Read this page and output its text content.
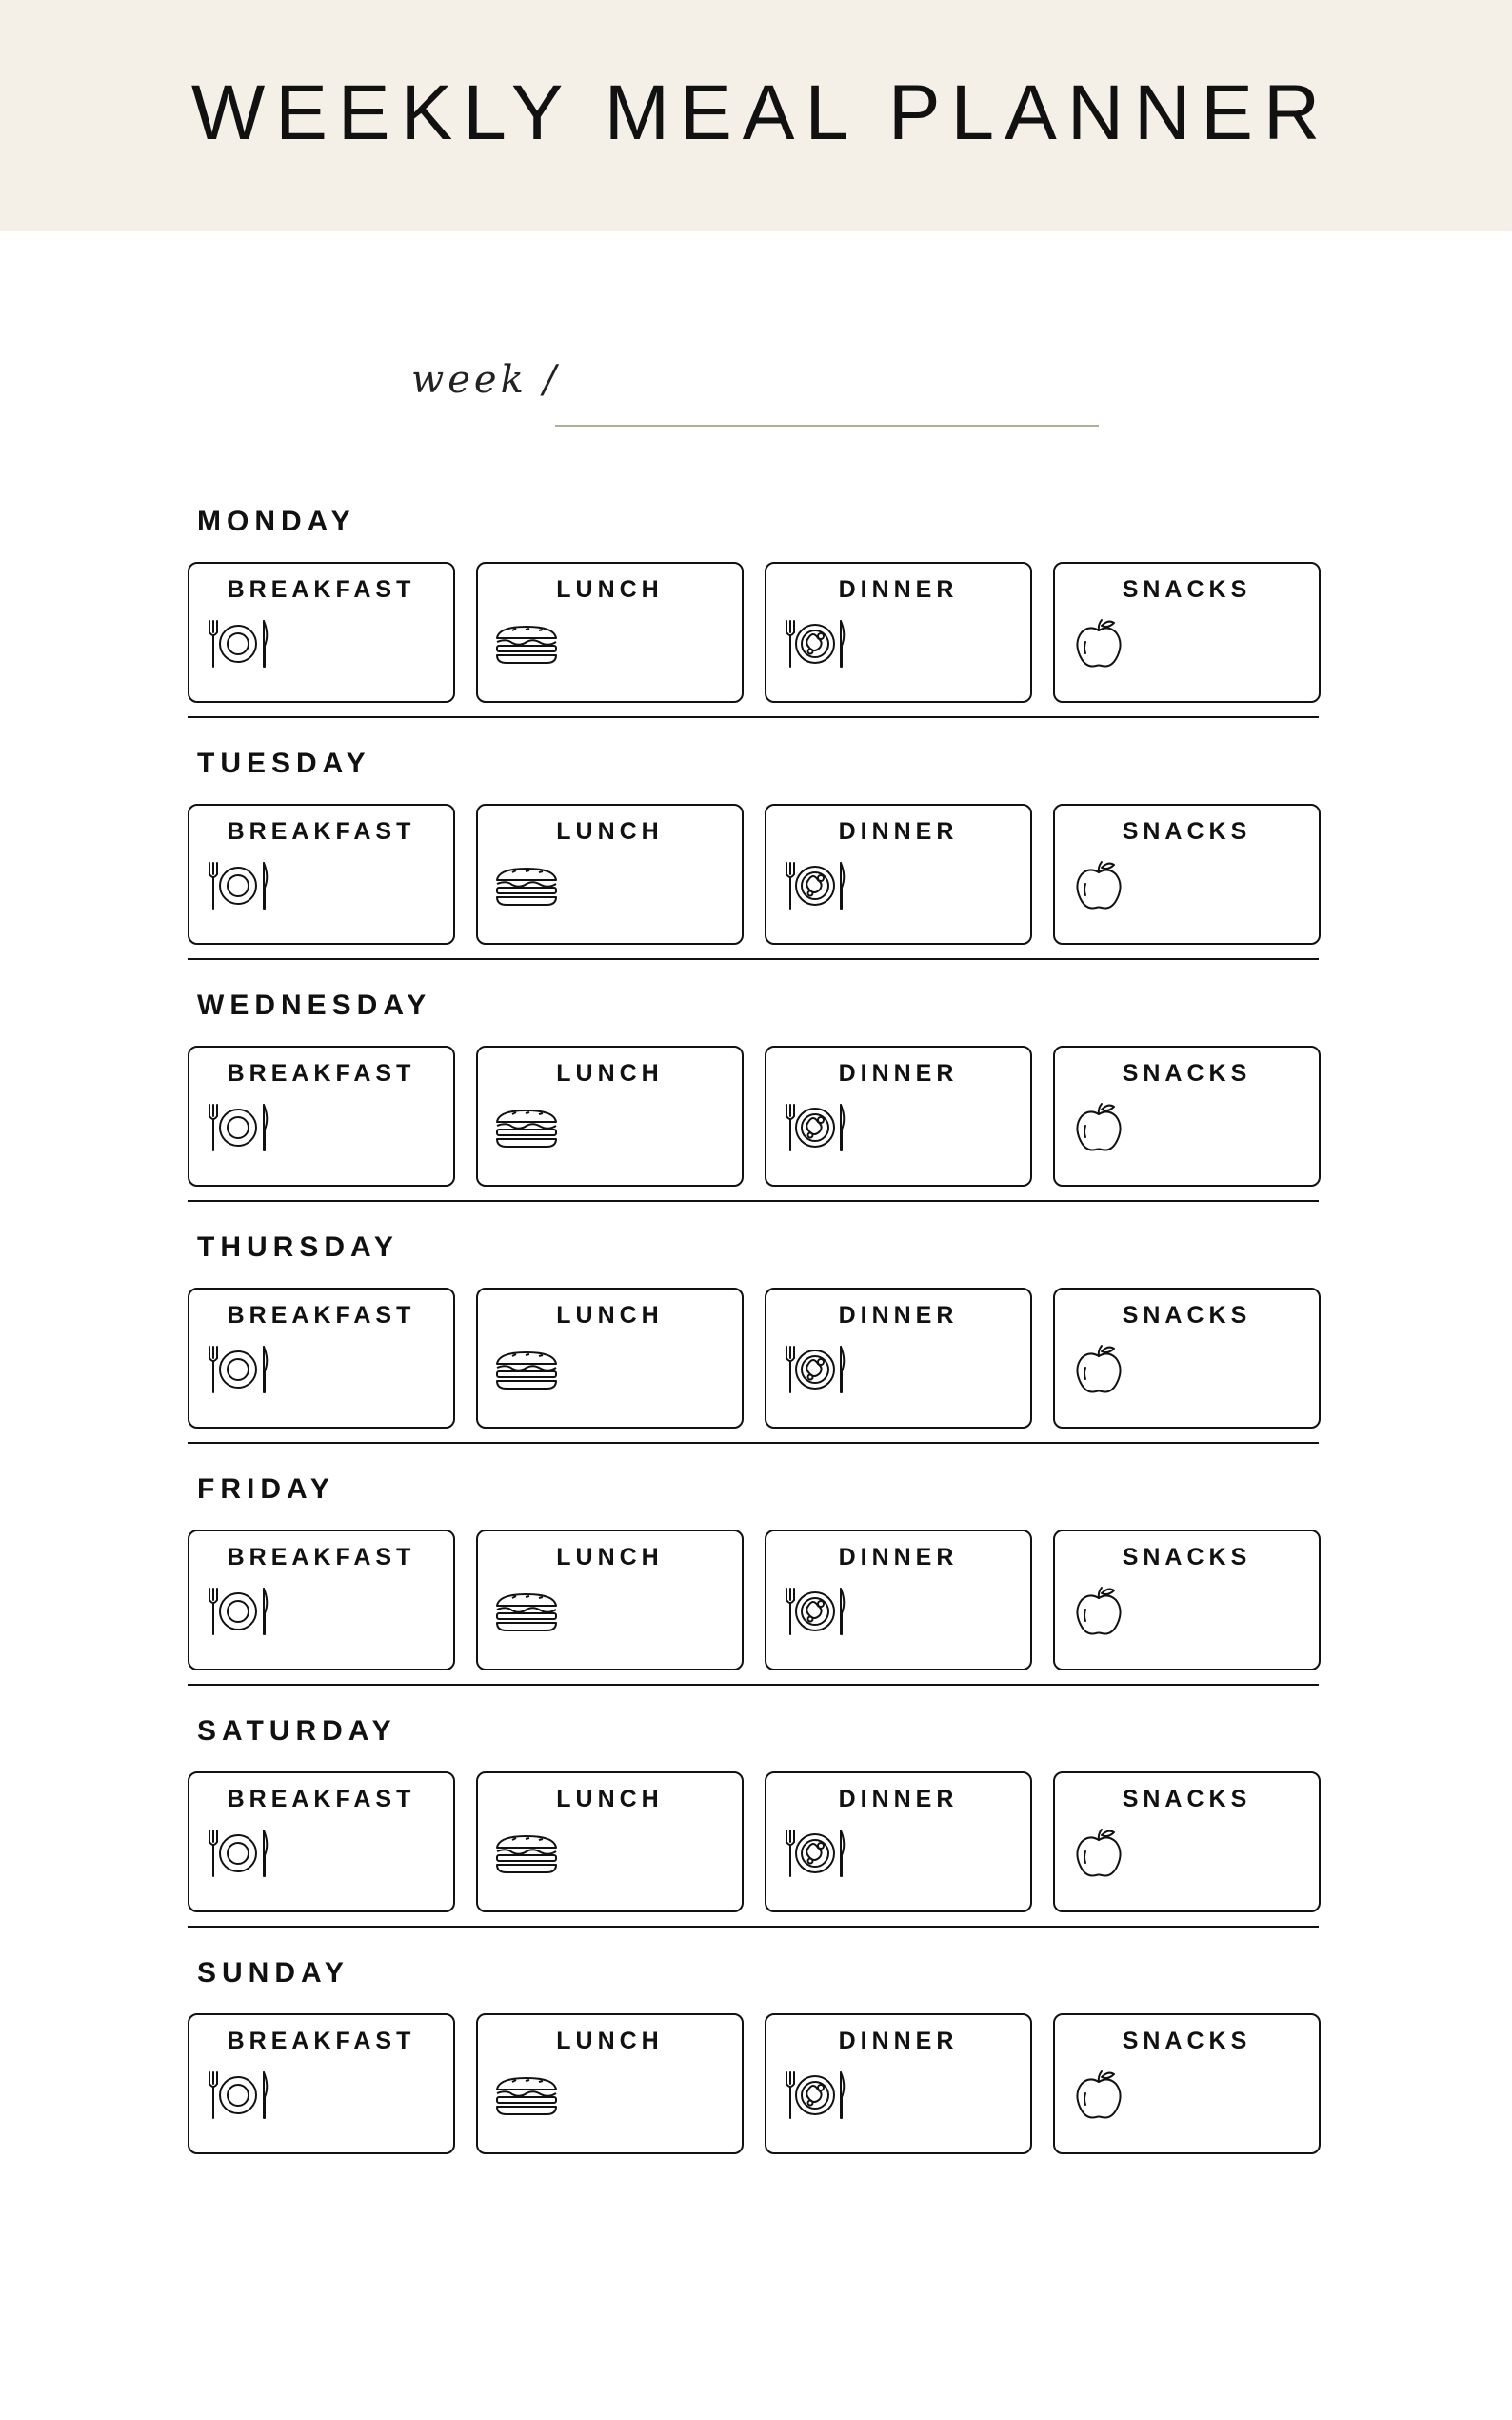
WEEKLY MEAL PLANNER
week /
MONDAY
BREAKFAST	LUNCH	DINNER	SNACKS
TUESDAY
BREAKFAST	LUNCH	DINNER	SNACKS
WEDNESDAY
BREAKFAST	LUNCH	DINNER	SNACKS
THURSDAY
BREAKFAST	LUNCH	DINNER	SNACKS
FRIDAY
BREAKFAST	LUNCH	DINNER	SNACKS
SATURDAY
BREAKFAST	LUNCH	DINNER	SNACKS
SUNDAY
BREAKFAST	LUNCH	DINNER	SNACKS
